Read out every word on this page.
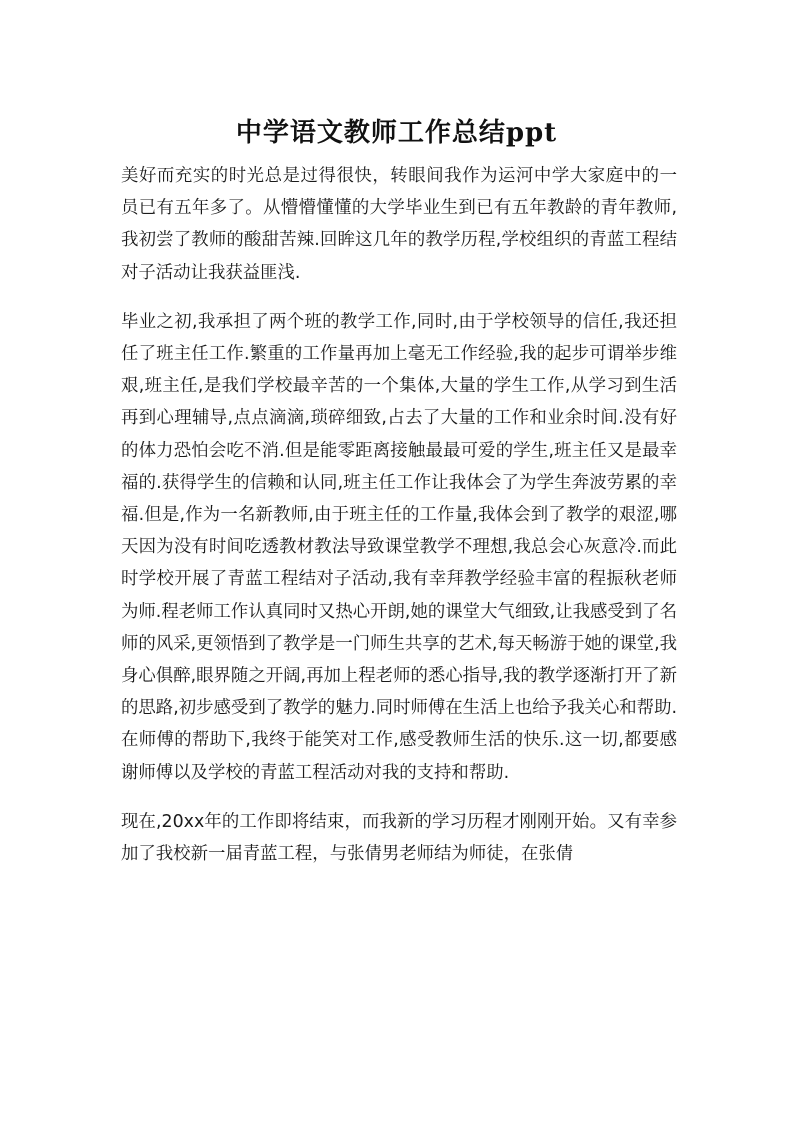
中学语文教师工作总结ppt

美好而充实的时光总是过得很快，转眼间我作为运河中学大家庭中的一员已有五年多了。从懵懵懂懂的大学毕业生到已有五年教龄的青年教师,我初尝了教师的酸甜苦辣.回眸这几年的教学历程,学校组织的青蓝工程结对子活动让我获益匪浅.

毕业之初,我承担了两个班的教学工作,同时,由于学校领导的信任,我还担任了班主任工作.繁重的工作量再加上毫无工作经验,我的起步可谓举步维艰,班主任,是我们学校最辛苦的一个集体,大量的学生工作,从学习到生活再到心理辅导,点点滴滴,琐碎细致,占去了大量的工作和业余时间.没有好的体力恐怕会吃不消.但是能零距离接触最最可爱的学生,班主任又是最幸福的.获得学生的信赖和认同,班主任工作让我体会了为学生奔波劳累的幸福.但是,作为一名新教师,由于班主任的工作量,我体会到了教学的艰涩,哪天因为没有时间吃透教材教法导致课堂教学不理想,我总会心灰意冷.而此时学校开展了青蓝工程结对子活动,我有幸拜教学经验丰富的程振秋老师为师.程老师工作认真同时又热心开朗,她的课堂大气细致,让我感受到了名师的风采,更领悟到了教学是一门师生共享的艺术,每天畅游于她的课堂,我身心俱醉,眼界随之开阔,再加上程老师的悉心指导,我的教学逐渐打开了新的思路,初步感受到了教学的魅力.同时师傅在生活上也给予我关心和帮助.在师傅的帮助下,我终于能笑对工作,感受教师生活的快乐.这一切,都要感谢师傅以及学校的青蓝工程活动对我的支持和帮助.

现在,20xx年的工作即将结束，而我新的学习历程才刚刚开始。又有幸参加了我校新一届青蓝工程，与张倩男老师结为师徒，在张倩
